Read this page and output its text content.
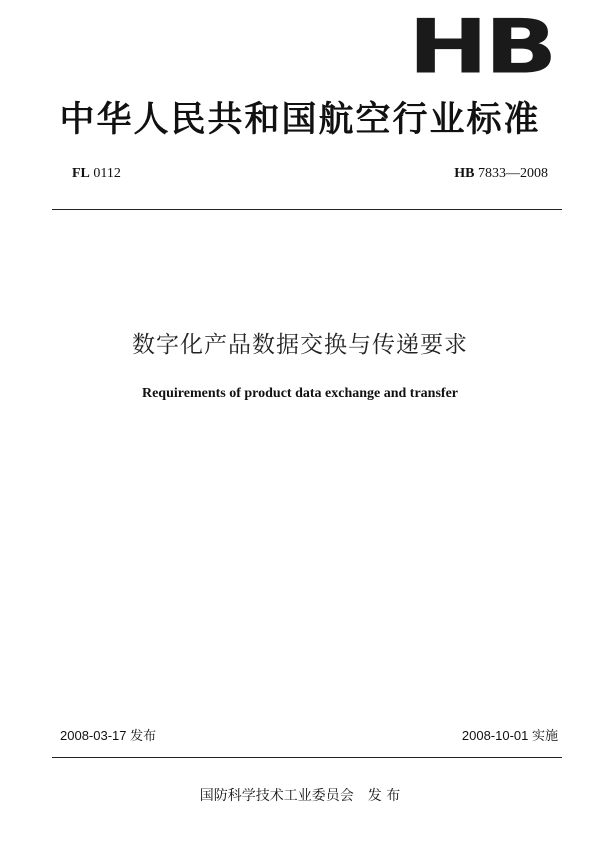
HB
中华人民共和国航空行业标准
FL 0112	HB 7833—2008
数字化产品数据交换与传递要求
Requirements of product data exchange and transfer
2008-03-17 发布	2008-10-01 实施
国防科学技术工业委员会 发 布
